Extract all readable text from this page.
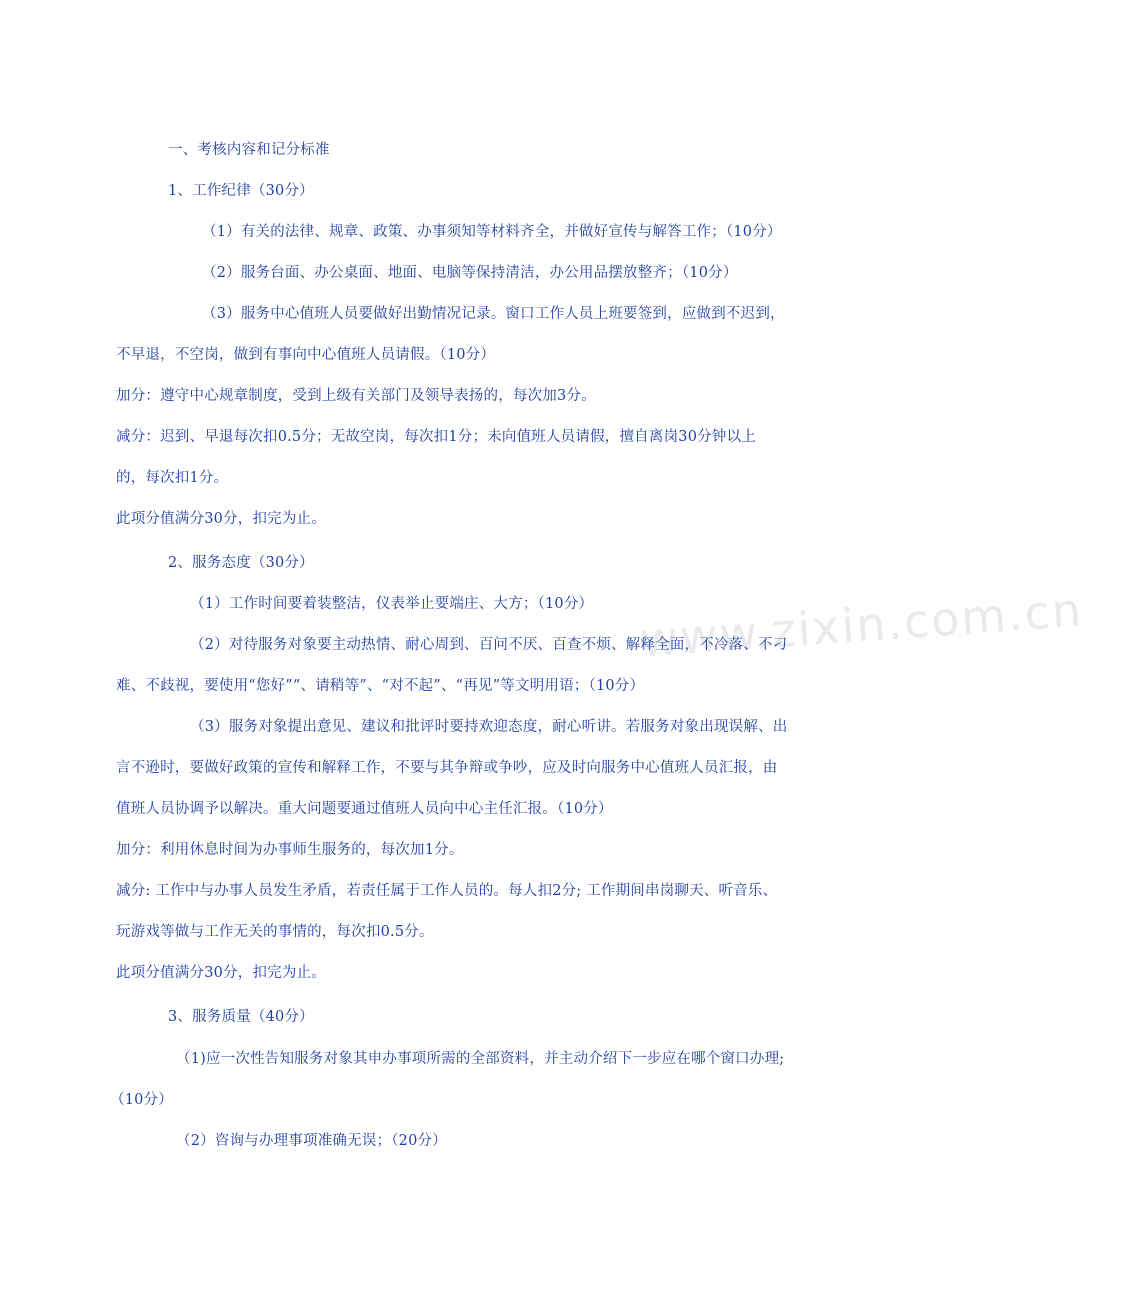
www.zixin.com.cn
一、考核内容和记分标准
1、工作纪律（30分）
（1）有关的法律、规章、政策、办事须知等材料齐全，并做好宣传与解答工作；（10分）
（2）服务台面、办公桌面、地面、电脑等保持清洁，办公用品摆放整齐；（10分）
（3）服务中心值班人员要做好出勤情况记录。窗口工作人员上班要签到，应做到不迟到，
不早退，不空岗，做到有事向中心值班人员请假。（10分）
加分：遵守中心规章制度，受到上级有关部门及领导表扬的，每次加3分。
减分：迟到、早退每次扣0.5分；无故空岗，每次扣1分；未向值班人员请假，擅自离岗30分钟以上
的，每次扣1分。
此项分值满分30分，扣完为止。
2、服务态度（30分）
（1）工作时间要着装整洁，仪表举止要端庄、大方；（10分）
（2）对待服务对象要主动热情、耐心周到、百问不厌、百查不烦、解释全面，不冷落、不刁
难、不歧视，要使用“您好”“、请稍等”、“对不起”、“再见”等文明用语；（10分）
（3）服务对象提出意见、建议和批评时要持欢迎态度，耐心听讲。若服务对象出现误解、出
言不逊时，要做好政策的宣传和解释工作，不要与其争辩或争吵，应及时向服务中心值班人员汇报，由
值班人员协调予以解决。重大问题要通过值班人员向中心主任汇报。（10分）
加分：利用休息时间为办事师生服务的，每次加1分。
减分: 工作中与办事人员发生矛盾，若责任属于工作人员的。每人扣2分; 工作期间串岗聊天、听音乐、
玩游戏等做与工作无关的事情的，每次扣0.5分。
此项分值满分30分，扣完为止。
3、服务质量（40分）
（1)应一次性告知服务对象其申办事项所需的全部资料，并主动介绍下一步应在哪个窗口办理;
（10分）
（2）咨询与办理事项准确无误；（20分）
